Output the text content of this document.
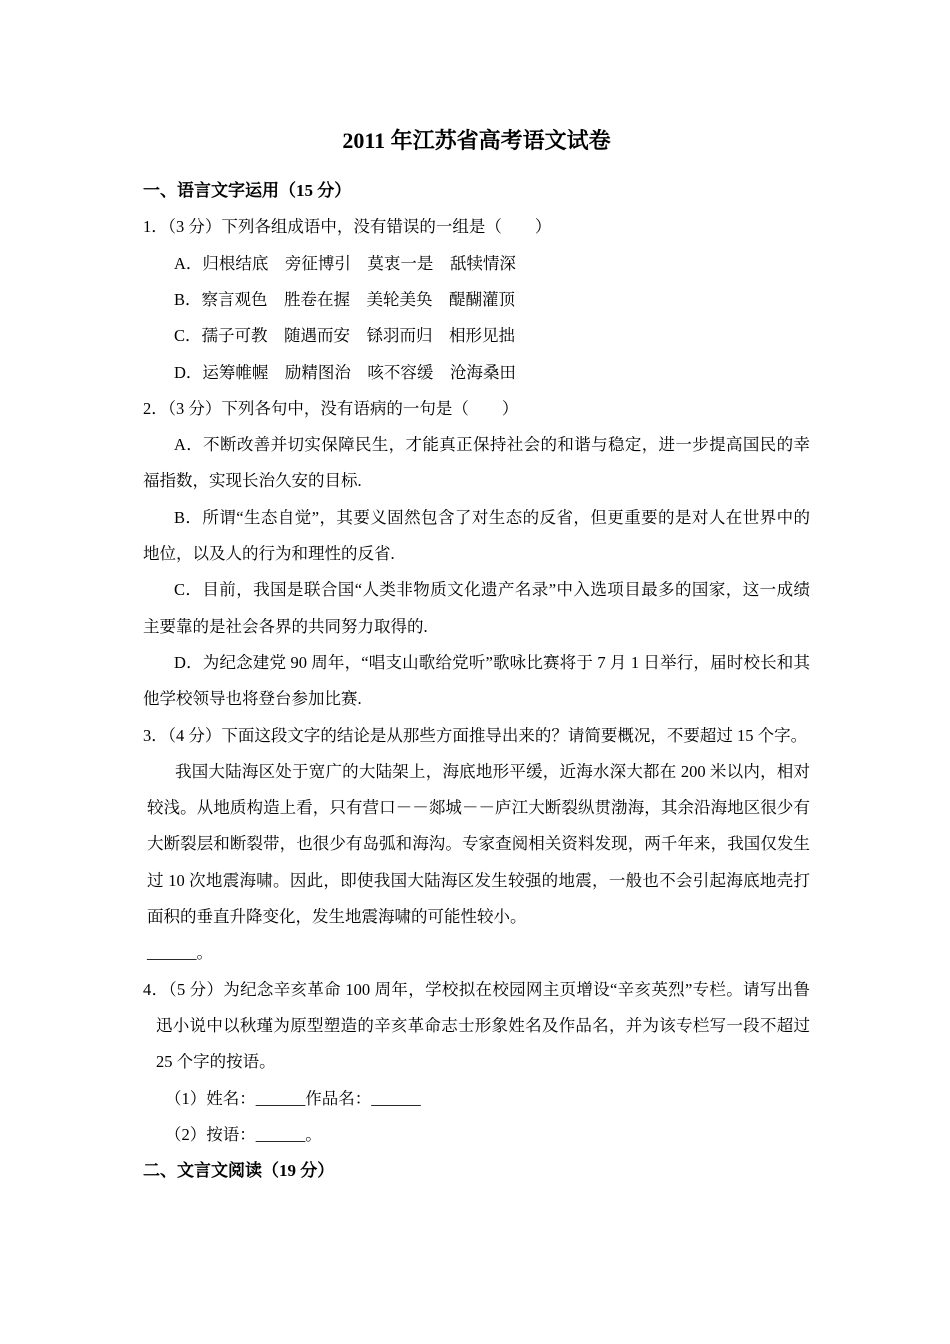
2011 年江苏省高考语文试卷
一、语言文字运用（15 分）

1．（3 分）下列各组成语中，没有错误的一组是（　　）

A．归根结底　旁征博引　莫衷一是　舐犊情深

B．察言观色　胜卷在握　美轮美奂　醍醐灌顶

C．孺子可教　随遇而安　铩羽而归　相形见拙

D．运筹帷幄　励精图治　咳不容缓　沧海桑田

2．（3 分）下列各句中，没有语病的一句是（　　）

A．不断改善并切实保障民生，才能真正保持社会的和谐与稳定，进一步提高国民的幸福指数，实现长治久安的目标.

B．所谓“生态自觉”，其要义固然包含了对生态的反省，但更重要的是对人在世界中的地位，以及人的行为和理性的反省.

C．目前，我国是联合国“人类非物质文化遗产名录”中入选项目最多的国家，这一成绩主要靠的是社会各界的共同努力取得的.

D．为纪念建党 90 周年，“唱支山歌给党听”歌咏比赛将于 7 月 1 日举行，届时校长和其他学校领导也将登台参加比赛.

3．（4 分）下面这段文字的结论是从那些方面推导出来的？请简要概况，不要超过 15 个字。

我国大陆海区处于宽广的大陆架上，海底地形平缓，近海水深大都在 200 米以内，相对较浅。从地质构造上看，只有营口－－郯城－－庐江大断裂纵贯渤海，其余沿海地区很少有大断裂层和断裂带，也很少有岛弧和海沟。专家查阅相关资料发现，两千年来，我国仅发生过 10 次地震海啸。因此，即使我国大陆海区发生较强的地震，一般也不会引起海底地壳打面积的垂直升降变化，发生地震海啸的可能性较小。

______。

4．（5 分）为纪念辛亥革命 100 周年，学校拟在校园网主页增设“辛亥英烈”专栏。请写出鲁迅小说中以秋瑾为原型塑造的辛亥革命志士形象姓名及作品名，并为该专栏写一段不超过 25 个字的按语。

（1）姓名：______作品名：______

（2）按语：______。

二、文言文阅读（19 分）
